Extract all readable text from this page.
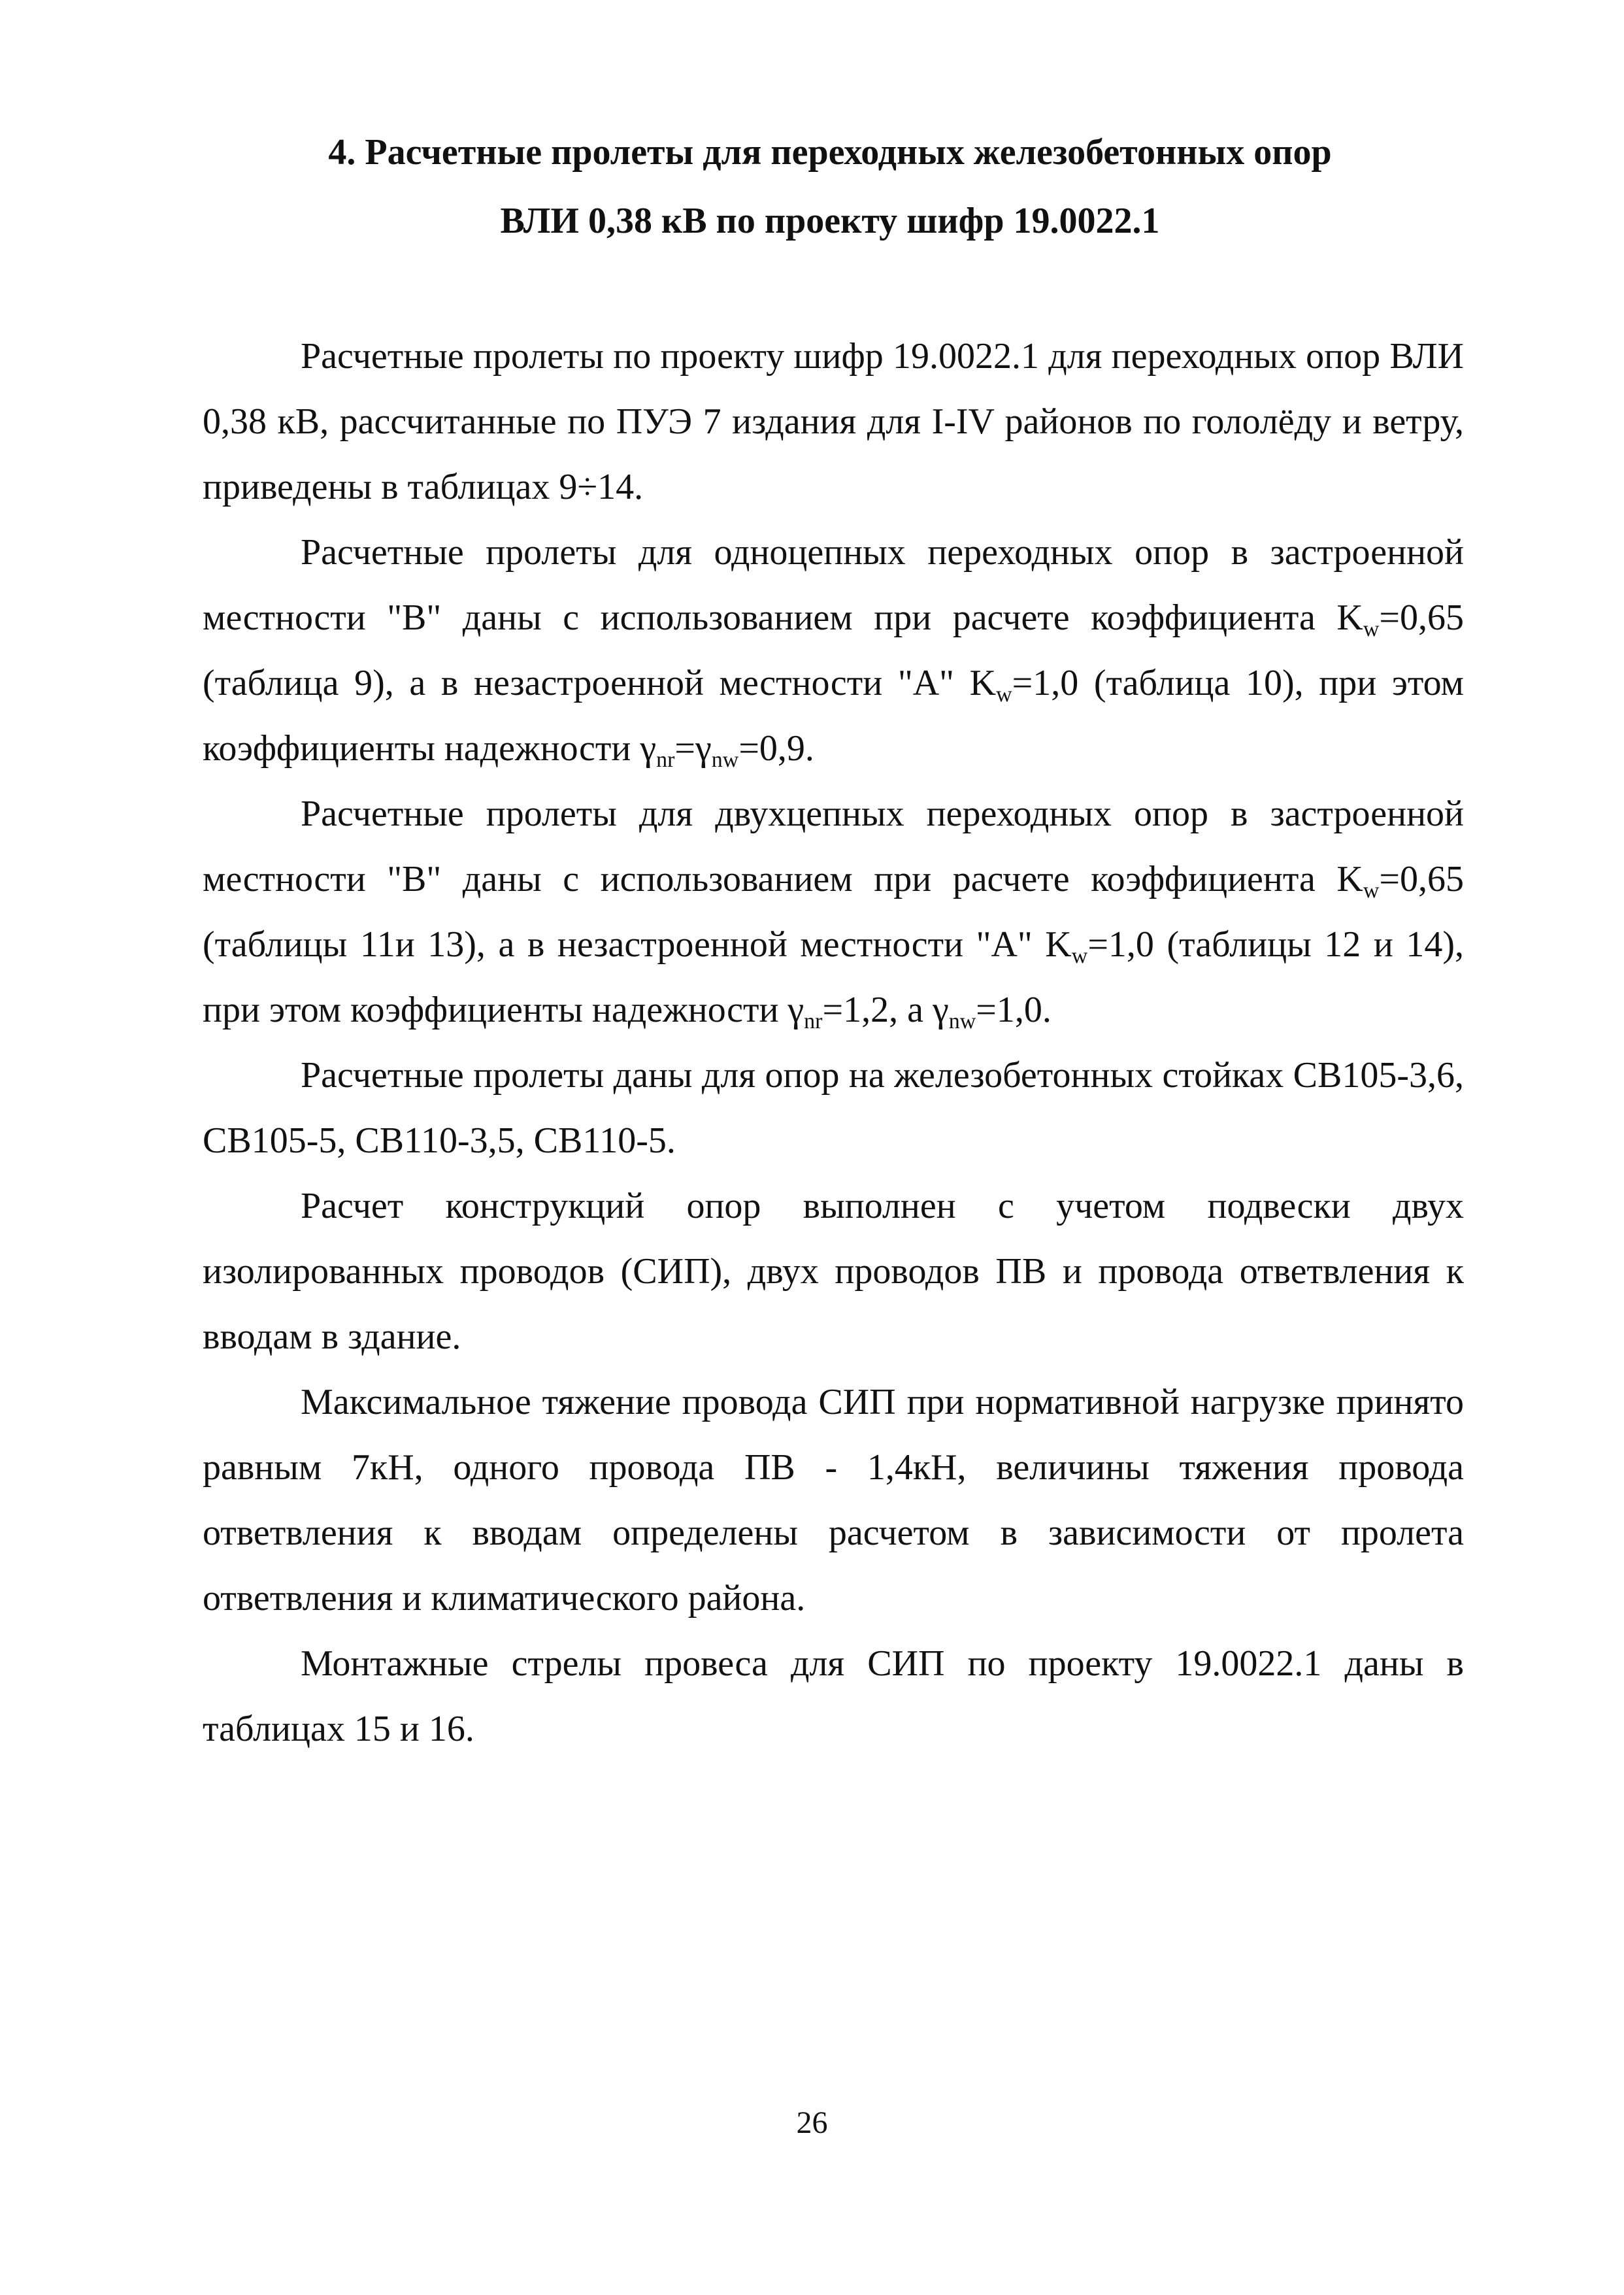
4. Расчетные пролеты для переходных железобетонных опор
ВЛИ 0,38 кВ по проекту шифр 19.0022.1

Расчетные пролеты по проекту шифр 19.0022.1 для переходных опор ВЛИ 0,38 кВ, рассчитанные по ПУЭ 7 издания для I-IV районов по гололёду и ветру, приведены в таблицах 9÷14.

Расчетные пролеты для одноцепных переходных опор в застроенной местности "В" даны с использованием при расчете коэффициента $K_w=0,65$ (таблица 9), а в незастроенной местности "А" $K_w=1,0$ (таблица 10), при этом коэффициенты надежности $\gamma_{nr}=\gamma_{nw}=0,9$.

Расчетные пролеты для двухцепных переходных опор в застроенной местности "В" даны с использованием при расчете коэффициента $K_w=0,65$ (таблицы 11и 13), а в незастроенной местности "А" $K_w=1,0$ (таблицы 12 и 14), при этом коэффициенты надежности $\gamma_{nr}=1,2$, а $\gamma_{nw}=1,0$.

Расчетные пролеты даны для опор на железобетонных стойках СВ105-3,6, СВ105-5, СВ110-3,5, СВ110-5.

Расчет конструкций опор выполнен с учетом подвески двух изолированных проводов (СИП), двух проводов ПВ и провода ответвления к вводам в здание.

Максимальное тяжение провода СИП при нормативной нагрузке принято равным 7кН, одного провода ПВ - 1,4кН, величины тяжения провода ответвления к вводам определены расчетом в зависимости от пролета ответвления и климатического района.

Монтажные стрелы провеса для СИП по проекту 19.0022.1 даны в таблицах 15 и 16.

26
